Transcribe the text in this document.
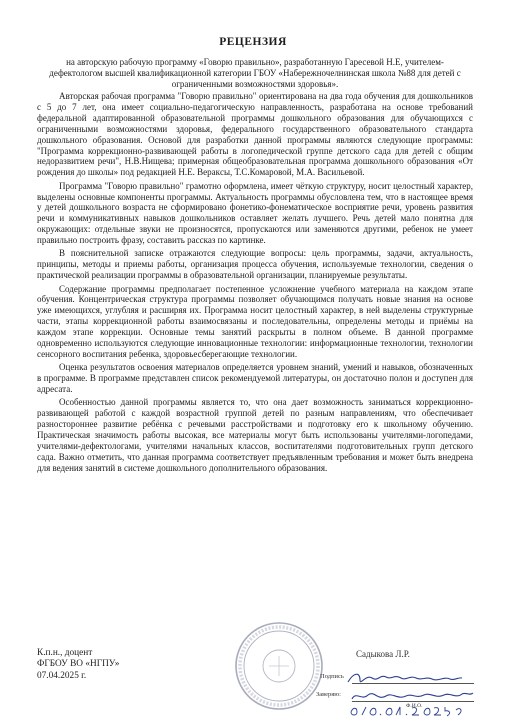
РЕЦЕНЗИЯ
на авторскую рабочую программу «Говорю правильно», разработанную Гаресевой Н.Е, учителем-дефектологом высшей квалификационной категории ГБОУ «Набережночелнинская школа №88 для детей с ограниченными возможностями здоровья».

Авторская рабочая программа "Говорю правильно" ориентирована на два года обучения для дошкольников с 5 до 7 лет, она имеет социально-педагогическую направленность, разработана на основе требований федеральной адаптированной образовательной программы дошкольного образования для обучающихся с ограниченными возможностями здоровья, федерального государственного образовательного стандарта дошкольного образования. Основой для разработки данной программы являются следующие программы: "Программа коррекционно-развивающей работы в логопедической группе детского сада для детей с общим недоразвитием речи", Н.В.Нищева; примерная общеобразовательная программа дошкольного образования «От рождения до школы» под редакцией Н.Е. Веракcы, Т.С.Комаровой, М.А. Васильевой.

Программа "Говорю правильно" грамотно оформлена, имеет чёткую структуру, носит целостный характер, выделены основные компоненты программы. Актуальность программы обусловлена тем, что в настоящее время у детей дошкольного возраста не сформировано фонетико-фонематическое восприятие речи, уровень развития речи и коммуникативных навыков дошкольников оставляет желать лучшего. Речь детей мало понятна для окружающих: отдельные звуки не произносятся, пропускаются или заменяются другими, ребенок не умеет правильно построить фразу, составить рассказ по картинке.

В пояснительной записке отражаются следующие вопросы: цель программы, задачи, актуальность, принципы, методы и приемы работы, организация процесса обучения, используемые технологии, сведения о практической реализации программы в образовательной организации, планируемые результаты.

Содержание программы предполагает постепенное усложнение учебного материала на каждом этапе обучения. Концентрическая структура программы позволяет обучающимся получать новые знания на основе уже имеющихся, углубляя и расширяя их. Программа носит целостный характер, в ней выделены структурные части, этапы коррекционной работы взаимосвязаны и последовательны, определены методы и приёмы на каждом этапе коррекции. Основные темы занятий раскрыты в полном объеме. В данной программе одновременно используются следующие инновационные технологии: информационные технологии, технологии сенсорного воспитания ребенка, здоровьесберегающие технологии.

Оценка результатов освоения материалов определяется уровнем знаний, умений и навыков, обозначенных в программе. В программе представлен список рекомендуемой литературы, он достаточно полон и доступен для адресата.

Особенностью данной программы является то, что она дает возможность заниматься коррекционно-развивающей работой с каждой возрастной группой детей по разным направлениям, что обеспечивает разностороннее развитие ребёнка с речевыми расстройствами и подготовку его к школьному обучению. Практическая значимость работы высокая, все материалы могут быть использованы учителями-логопедами, учителями-дефектологами, учителями начальных классов, воспитателями подготовительных групп детского сада. Важно отметить, что данная программа соответствует предъявленным требования и может быть внедрена для ведения занятий в системе дошкольного дополнительного образования.

К.п.н., доцент
ФГБОУ ВО «НГПУ»
07.04.2025 г.
Садыкова Л.Р.
Подпись
Заверяю:
Ф.И.О.
